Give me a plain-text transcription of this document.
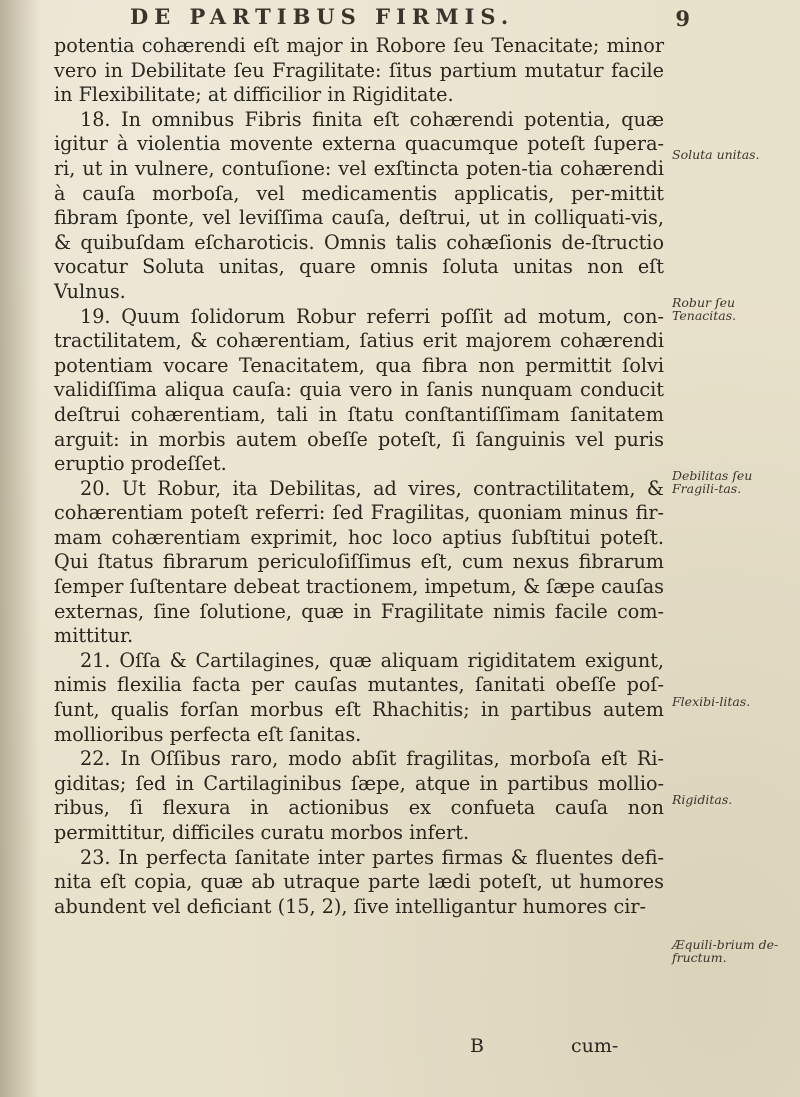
DE PARTIBUS FIRMIS.	9

potentia cohærendi eſt major in Robore ſeu Tenacitate; minor vero in Debilitate ſeu Fragilitate: ſitus partium mutatur facile in Flexibilitate; at difficilior in Rigiditate.

18. In omnibus Fibris finita eſt cohærendi potentia, quæ igitur à violentia movente externa quacumque poteſt ſupera-ri, ut in vulnere, contuſione: vel exſtincta poten-tia cohærendi à cauſa morboſa, vel medicamentis applicatis, per-mittit fibram ſponte, vel leviſſima cauſa, deſtrui, ut in colliquati-vis, & quibuſdam eſcharoticis. Omnis talis cohæſionis de-ſtructio vocatur Soluta unitas, quare omnis ſoluta unitas non eſt Vulnus.

19. Quum ſolidorum Robur referri poſſit ad motum, con-tractilitatem, & cohærentiam, ſatius erit majorem cohærendi potentiam vocare Tenacitatem, qua fibra non permittit ſolvi validiſſima aliqua cauſa: quia vero in ſanis nunquam conducit deſtrui cohærentiam, tali in ſtatu conſtantiſſimam ſanitatem arguit: in morbis autem obeſſe poteſt, ſi ſanguinis vel puris eruptio prodeſſet.

20. Ut Robur, ita Debilitas, ad vires, contractilitatem, & cohærentiam poteſt referri: ſed Fragilitas, quoniam minus fir-mam cohærentiam exprimit, hoc loco aptius ſubſtitui poteſt. Qui ſtatus fibrarum periculoſiſſimus eſt, cum nexus fibrarum ſemper ſuſtentare debeat tractionem, impetum, & ſæpe cauſas externas, ſine ſolutione, quæ in Fragilitate nimis facile com-mittitur.

21. Oſſa & Cartilagines, quæ aliquam rigiditatem exigunt, nimis flexilia facta per cauſas mutantes, ſanitati obeſſe poſ-ſunt, qualis forſan morbus eſt Rhachitis; in partibus autem mollioribus perfecta eſt ſanitas.

22. In Oſſibus raro, modo abſit fragilitas, morboſa eſt Ri-giditas; ſed in Cartilaginibus ſæpe, atque in partibus mollio-ribus, ſi flexura in actionibus ex confueta cauſa non permittitur, difficiles curatu morbos infert.

23. In perfecta ſanitate inter partes firmas & fluentes defi-nita eſt copia, quæ ab utraque parte lædi poteſt, ut humores abundent vel deficiant (15, 2), ſive intelligantur humores cir-

Soluta unitas.
Robur ſeu Tenacitas.
Debilitas ſeu Fragili-tas.
Flexibi-litas.
Rigiditas.
Æquili-brium de-fructum.
B	cum-
